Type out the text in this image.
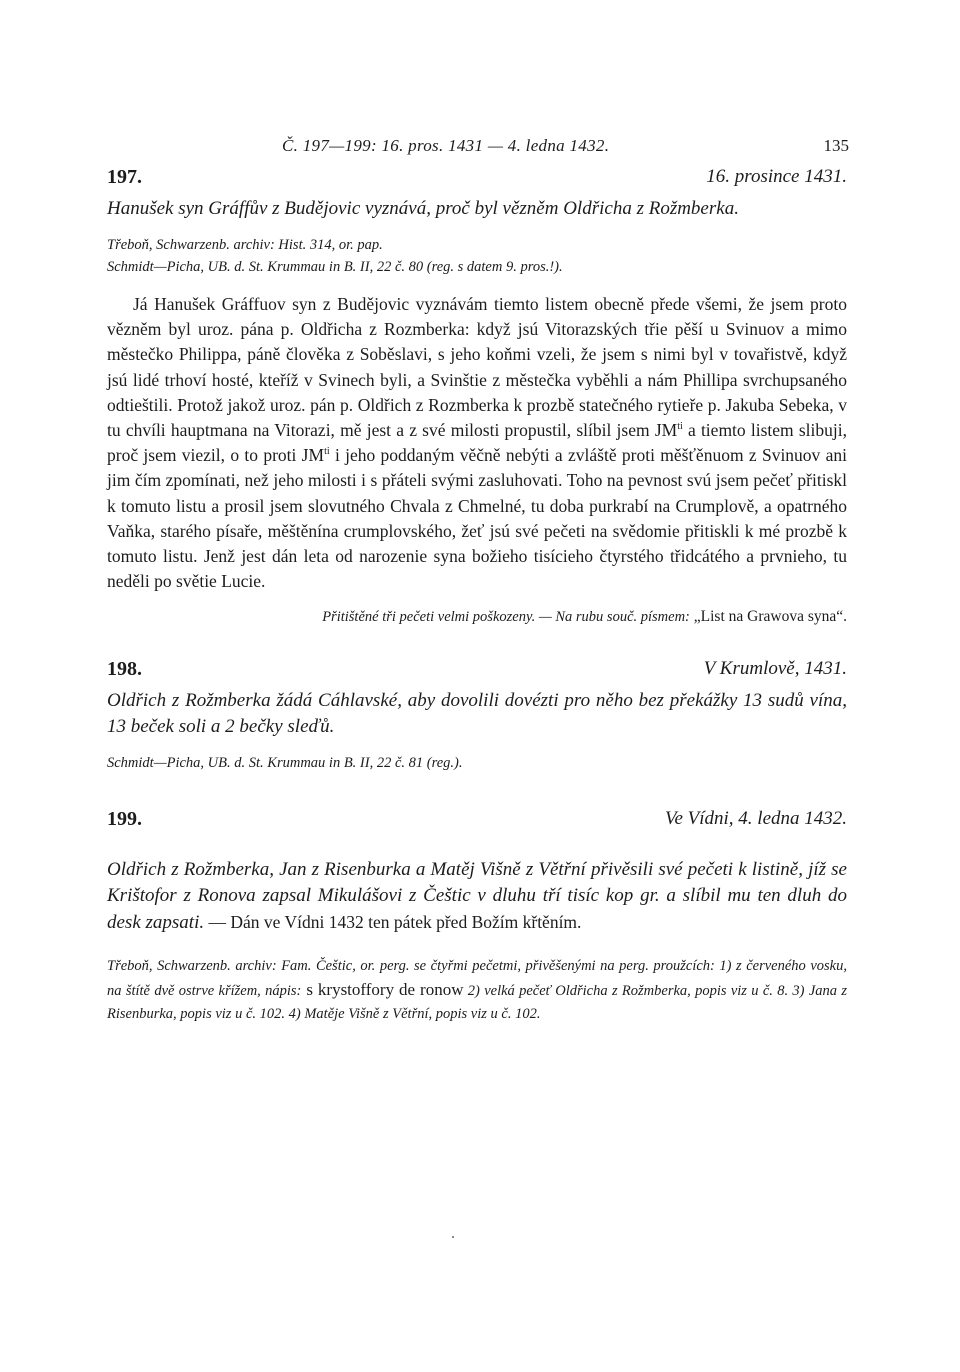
Č. 197—199: 16. pros. 1431 — 4. ledna 1432.	135
197.	16. prosince 1431.

Hanušek syn Gráffův z Budějovic vyznává, proč byl vězněm Oldřicha z Rožmberka.

Třeboň, Schwarzenb. archiv: Hist. 314, or. pap.
Schmidt—Picha, UB. d. St. Krummau in B. II, 22 č. 80 (reg. s datem 9. pros.!).

Já Hanušek Gráffuov syn z Budějovic vyznávám tiemto listem obecně přede všemi, že jsem proto vězněm byl uroz. pána p. Oldřicha z Rozmberka: když jsú Vitorazských třie pěší u Svinuov a mimo městečko Philippa, páně člověka z Soběslavi, s jeho koňmi vzeli, že jsem s nimi byl v tovařistvě, když jsú lidé trhoví hosté, kteříž v Svinech byli, a Svinštie z městečka vyběhli a nám Phillipa svrchupsaného odtieštili. Protož jakož uroz. pán p. Oldřich z Rozmberka k prozbě statečného rytieře p. Jakuba Sebeka, v tu chvíli hauptmana na Vitorazi, mě jest a z své milosti propustil, slíbil jsem $JM^{ti}$ a tiemto listem slibuji, proč jsem viezil, o to proti $JM^{ti}$ i jeho poddaným věčně nebýti a zvláště proti měšťěnuom z Svinuov ani jim čím zpomínati, než jeho milosti i s přáteli svými zasluhovati. Toho na pevnost svú jsem pečeť přitiskl k tomuto listu a prosil jsem slovutného Chvala z Chmelné, tu doba purkrabí na Crumplově, a opatrného Vaňka, starého písaře, měštěnína crumplovského, žeť jsú své pečeti na svědomie přitiskli k mé prozbě k tomuto listu. Jenž jest dán leta od narozenie syna božieho tisícieho čtyrstého třidcátého a prvnieho, tu neděli po světie Lucie.

Přitištěné tři pečeti velmi poškozeny. — Na rubu souč. písmem: „List na Grawova syna“.

198.	V Krumlově, 1431.

Oldřich z Rožmberka žádá Cáhlavské, aby dovolili dovézti pro něho bez překážky 13 sudů vína, 13 beček soli a 2 bečky sleďů.

Schmidt—Picha, UB. d. St. Krummau in B. II, 22 č. 81 (reg.).
199.	Ve Vídni, 4. ledna 1432.

Oldřich z Rožmberka, Jan z Risenburka a Matěj Višně z Větřní přivěsili své pečeti k listině, jíž se Krištofor z Ronova zapsal Mikulášovi z Češtic v dluhu tří tisíc kop gr. a slíbil mu ten dluh do desk zapsati. — Dán ve Vídni 1432 ten pátek před Božím křtěním.

Třeboň, Schwarzenb. archiv: Fam. Češtic, or. perg. se čtyřmi pečetmi, přivěšenými na perg. proužcích: 1) z červeného vosku, na štítě dvě ostrve křížem, nápis: s krystoffory de ronow 2) velká pečeť Oldřicha z Rožmberka, popis viz u č. 8. 3) Jana z Risenburka, popis viz u č. 102. 4) Matěje Višně z Větřní, popis viz u č. 102.
